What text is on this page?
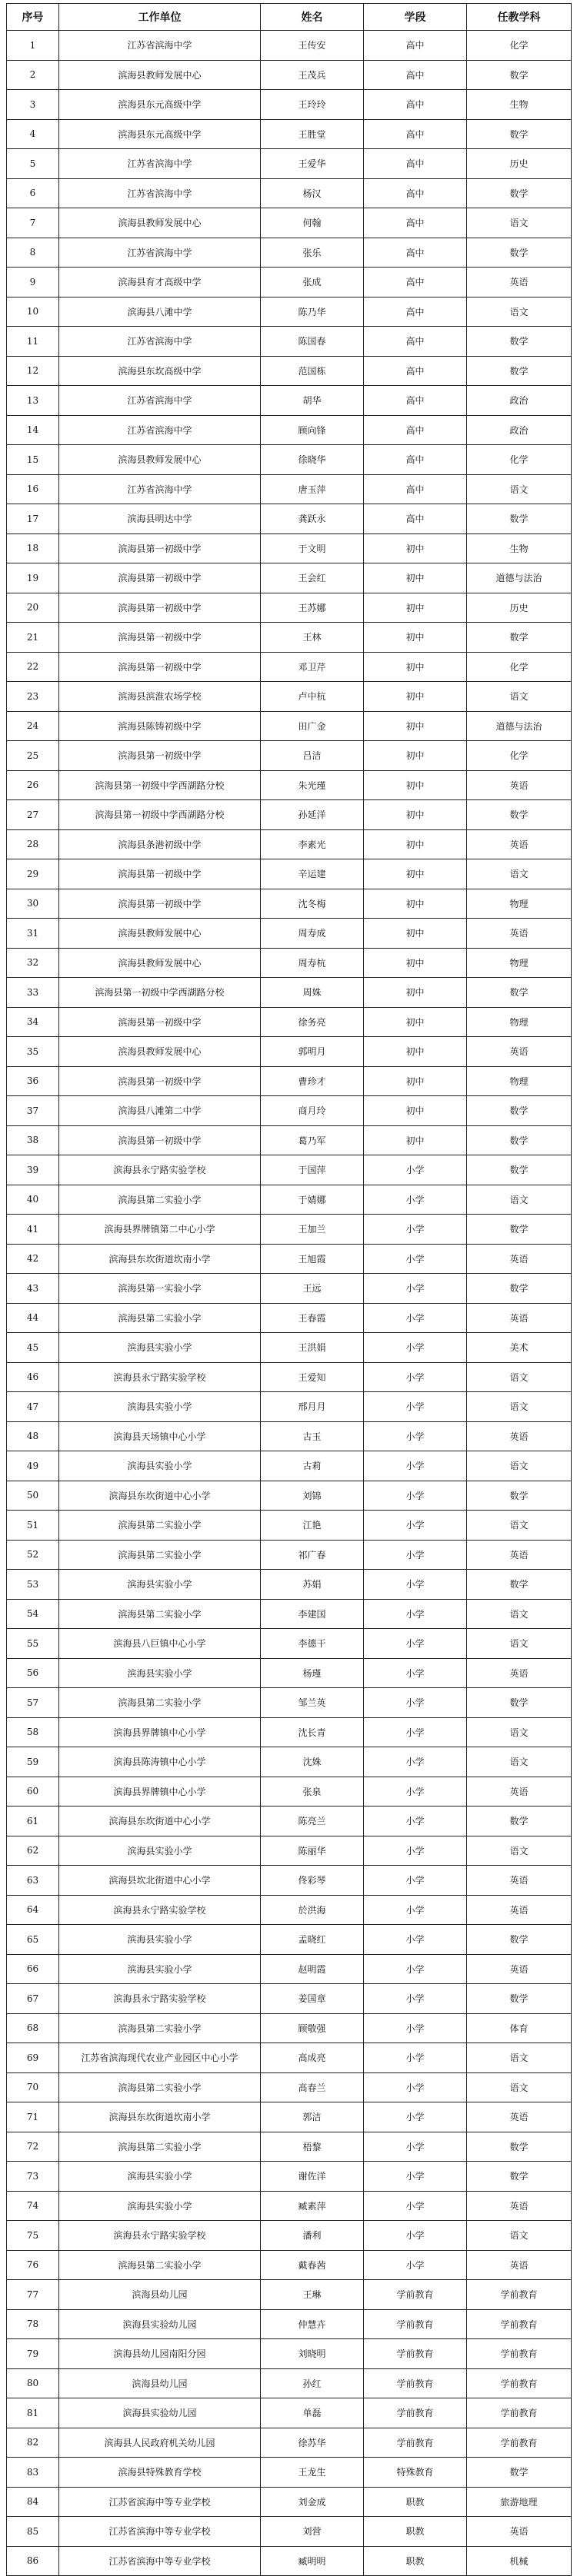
序号	工作单位	姓名	学段	任教学科
1	江苏省滨海中学	王传安	高中	化学
2	滨海县教师发展中心	王茂兵	高中	数学
3	滨海县东元高级中学	王玲玲	高中	生物
4	滨海县东元高级中学	王胜堂	高中	数学
5	江苏省滨海中学	王爱华	高中	历史
6	江苏省滨海中学	杨汉	高中	数学
7	滨海县教师发展中心	何翰	高中	语文
8	江苏省滨海中学	张乐	高中	数学
9	滨海县育才高级中学	张成	高中	英语
10	滨海县八滩中学	陈乃华	高中	语文
11	江苏省滨海中学	陈国春	高中	数学
12	滨海县东坎高级中学	范国栋	高中	数学
13	江苏省滨海中学	胡华	高中	政治
14	江苏省滨海中学	顾向锋	高中	政治
15	滨海县教师发展中心	徐晓华	高中	化学
16	江苏省滨海中学	唐玉萍	高中	语文
17	滨海县明达中学	龚跃永	高中	数学
18	滨海县第一初级中学	于文明	初中	生物
19	滨海县第一初级中学	王会红	初中	道德与法治
20	滨海县第一初级中学	王苏娜	初中	历史
21	滨海县第一初级中学	王林	初中	数学
22	滨海县第一初级中学	邓卫芹	初中	化学
23	滨海县滨淮农场学校	卢中杭	初中	语文
24	滨海县陈铸初级中学	田广金	初中	道德与法治
25	滨海县第一初级中学	吕洁	初中	化学
26	滨海县第一初级中学西湖路分校	朱光瑾	初中	英语
27	滨海县第一初级中学西湖路分校	孙延洋	初中	数学
28	滨海县条港初级中学	李素光	初中	英语
29	滨海县第一初级中学	辛运建	初中	语文
30	滨海县第一初级中学	沈冬梅	初中	物理
31	滨海县教师发展中心	周寿成	初中	英语
32	滨海县教师发展中心	周寿杭	初中	物理
33	滨海县第一初级中学西湖路分校	周姝	初中	数学
34	滨海县第一初级中学	徐务亮	初中	物理
35	滨海县教师发展中心	郭明月	初中	英语
36	滨海县第一初级中学	曹珍才	初中	物理
37	滨海县八滩第二中学	商月玲	初中	数学
38	滨海县第一初级中学	葛乃军	初中	数学
39	滨海县永宁路实验学校	于国萍	小学	数学
40	滨海县第二实验小学	于婧娜	小学	语文
41	滨海县界牌镇第二中心小学	王加兰	小学	数学
42	滨海县东坎街道坎南小学	王旭霞	小学	英语
43	滨海县第一实验小学	王远	小学	数学
44	滨海县第二实验小学	王春霞	小学	英语
45	滨海县实验小学	王洪娟	小学	美术
46	滨海县永宁路实验学校	王爱知	小学	语文
47	滨海县实验小学	邢月月	小学	语文
48	滨海县天场镇中心小学	古玉	小学	英语
49	滨海县实验小学	古莉	小学	语文
50	滨海县东坎街道中心小学	刘锦	小学	数学
51	滨海县第二实验小学	江艳	小学	语文
52	滨海县第二实验小学	祁广春	小学	英语
53	滨海县实验小学	苏娟	小学	数学
54	滨海县第二实验小学	李建国	小学	语文
55	滨海县八巨镇中心小学	李德干	小学	语文
56	滨海县实验小学	杨瑾	小学	英语
57	滨海县第二实验小学	邹兰英	小学	数学
58	滨海县界牌镇中心小学	沈长青	小学	语文
59	滨海县陈涛镇中心小学	沈姝	小学	语文
60	滨海县界牌镇中心小学	张泉	小学	英语
61	滨海县东坎街道中心小学	陈亮兰	小学	数学
62	滨海县实验小学	陈丽华	小学	语文
63	滨海县坎北街道中心小学	佟彩琴	小学	英语
64	滨海县永宁路实验学校	於洪海	小学	英语
65	滨海县实验小学	孟晓红	小学	数学
66	滨海县实验小学	赵明霞	小学	英语
67	滨海县永宁路实验学校	姜国章	小学	数学
68	滨海县第二实验小学	顾敬强	小学	体育
69	江苏省滨海现代农业产业园区中心小学	高成亮	小学	语文
70	滨海县第二实验小学	高春兰	小学	语文
71	滨海县东坎街道坎南小学	郭洁	小学	英语
72	滨海县第二实验小学	梧黎	小学	数学
73	滨海县实验小学	谢佐洋	小学	数学
74	滨海县实验小学	臧素萍	小学	英语
75	滨海县永宁路实验学校	潘利	小学	语文
76	滨海县第二实验小学	戴春茜	小学	英语
77	滨海县幼儿园	王琳	学前教育	学前教育
78	滨海县实验幼儿园	仲慧卉	学前教育	学前教育
79	滨海县幼儿园南阳分园	刘晓明	学前教育	学前教育
80	滨海县幼儿园	孙红	学前教育	学前教育
81	滨海县实验幼儿园	单磊	学前教育	学前教育
82	滨海县人民政府机关幼儿园	徐苏华	学前教育	学前教育
83	滨海县特殊教育学校	王龙生	特殊教育	数学
84	江苏省滨海中等专业学校	刘金成	职教	旅游地理
85	江苏省滨海中等专业学校	刘营	职教	英语
86	江苏省滨海中等专业学校	臧明明	职教	机械
